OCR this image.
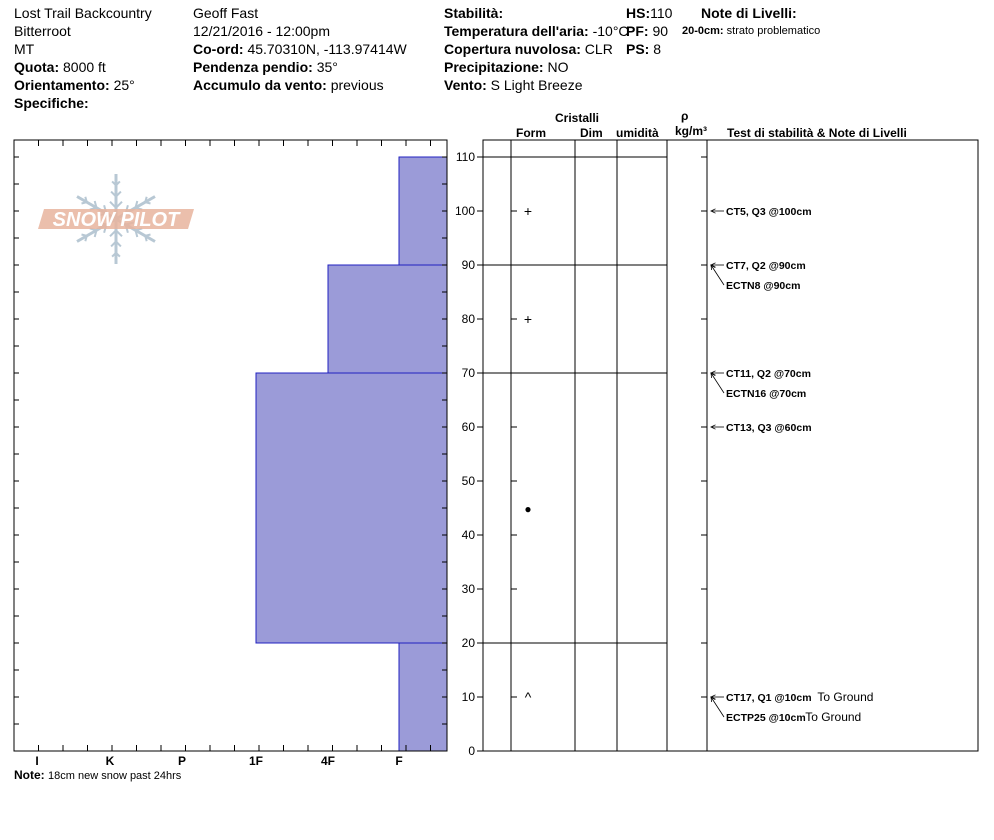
Lost Trail Backcountry
Bitterroot
MT
Quota: 8000 ft
Orientamento: 25°
Specifiche:
Geoff Fast
12/21/2016 - 12:00pm
Co-ord: 45.70310N, -113.97414W
Pendenza pendio: 35°
Accumulo da vento: previous
Stabilità:
Temperatura dell'aria: -10°C
Copertura nuvolosa: CLR
Precipitazione: NO
Vento: S Light Breeze
HS:110
PF: 90
PS: 8
Note di Livelli:
20-0cm: strato problematico
Cristalli
Form	Dim umidità
ρ
kg/m³ Test di stabilità & Note di Livelli
Note: 18cm new snow past 24hrs
SNOW PILOT
I	K	P	1F	4F	F
0
10
20
30
40
50
60
70
80
90
100
110
+
+
●
^
CT5, Q3 @100cm
CT7, Q2 @90cm
ECTN8 @90cm
CT11, Q2 @70cm
ECTN16 @70cm
CT13, Q3 @60cm
CT17, Q1 @10cm To Ground
ECTP25 @10cm To Ground
